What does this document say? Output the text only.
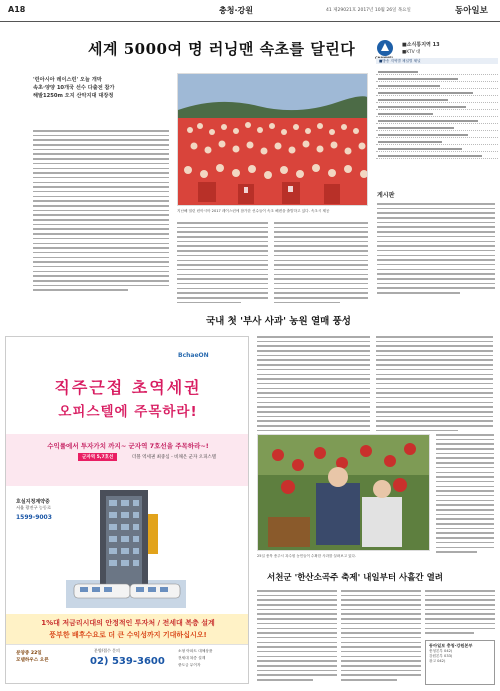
A18	충청·강원	41 제29021호 2017년 10월 26일 목요일	동아일보
세계 5000여 명 러닝맨 속초를 달린다
'런아시아 레이스런' 오늘 개막
속초·양양 10개국 선수 다출전 참가
해발1250m 오지 산악지대 대장정
지난해 열린 런아시아 2017 레이스런에 참가한 선수들이 속초 해변을 출발하고 있다. 속초시 제공
■소식통지역 13
■KTV 대
■방송 지역별 채널별 채널
게시판
국내 첫 '부사 사과' 농원 열매 풍성
25일 충북 충주시 과수원 농민들이 수확한 사과를 살펴보고 있다.
서천군 '한산소곡주 축제' 내일부터 사흘간 열려
동아일보 충청·강원본부
충청본부 042)
강원본부 033)
광고 042)
BchaeON
직주근접 초역세권
오피스텔에 주목하라!
수익률에서 투자가치 까지~ 군자역 7호선을 주목하라~!
군자역 5,7호선	더블 역세권 최중심 - 비채온 군자 오피스텔
호실지정계약중
서울 광진구 능동로
1599-9003
1%대 저금리시대의 안정적인 투자처 / 전세대 복층 설계
풍부한 배후수요로 더 큰 수익성까지 기대하십시오!
분양중 22일
모델하우스 오픈
분양/접수 문의
02) 539-3600
소형 아파트 대체상품
전세대 복층 설계
중도금 무이자
